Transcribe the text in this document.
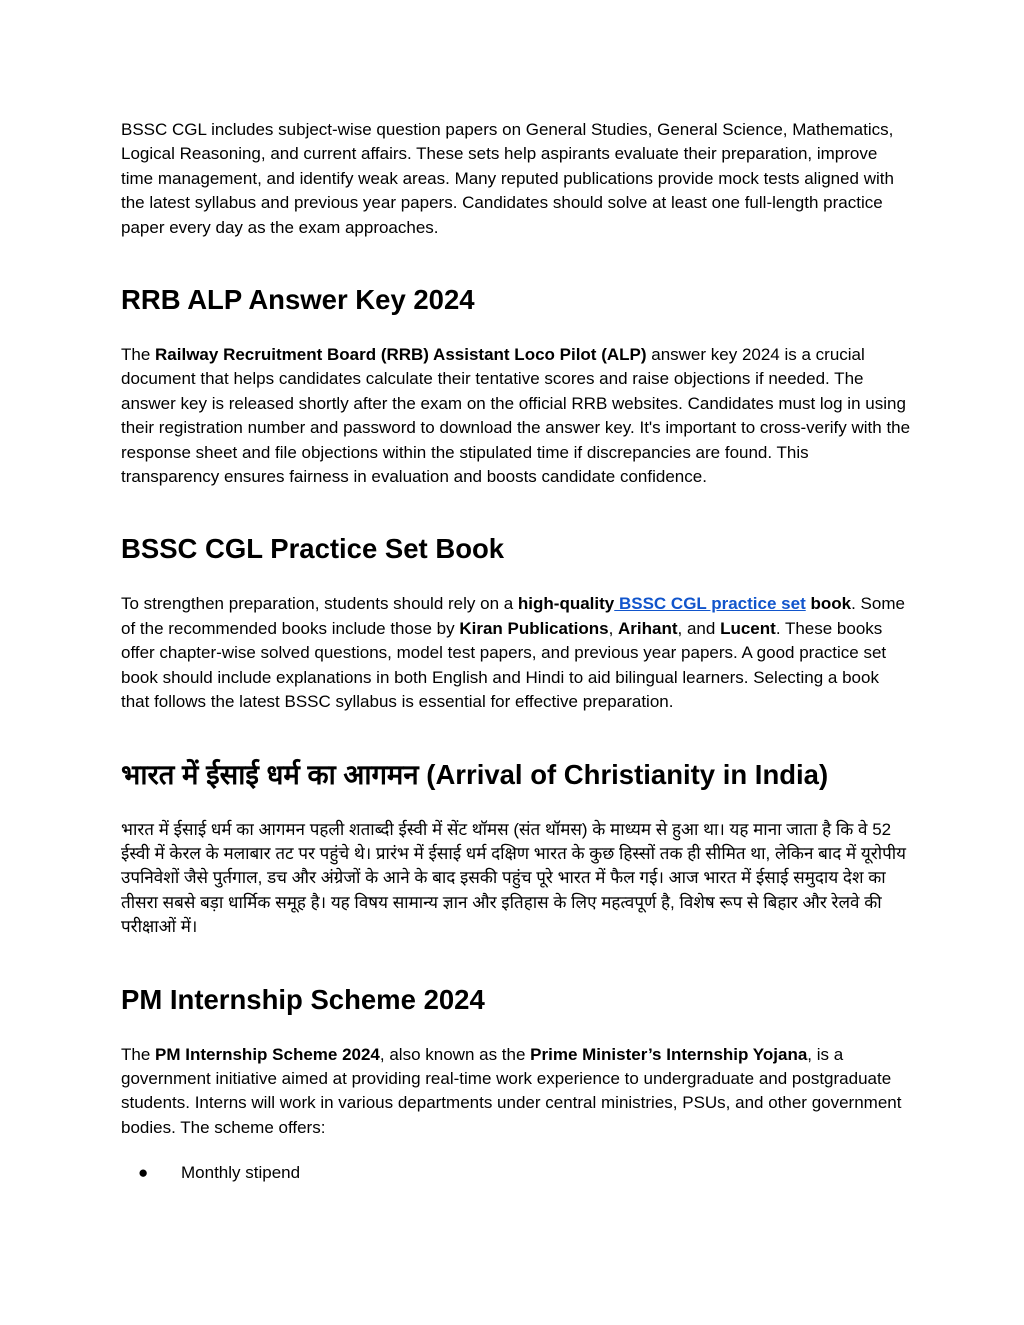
BSSC CGL includes subject-wise question papers on General Studies, General Science, Mathematics, Logical Reasoning, and current affairs. These sets help aspirants evaluate their preparation, improve time management, and identify weak areas. Many reputed publications provide mock tests aligned with the latest syllabus and previous year papers. Candidates should solve at least one full-length practice paper every day as the exam approaches.

RRB ALP Answer Key 2024

The Railway Recruitment Board (RRB) Assistant Loco Pilot (ALP) answer key 2024 is a crucial document that helps candidates calculate their tentative scores and raise objections if needed. The answer key is released shortly after the exam on the official RRB websites. Candidates must log in using their registration number and password to download the answer key. It's important to cross-verify with the response sheet and file objections within the stipulated time if discrepancies are found. This transparency ensures fairness in evaluation and boosts candidate confidence.

BSSC CGL Practice Set Book

To strengthen preparation, students should rely on a high-quality BSSC CGL practice set book. Some of the recommended books include those by Kiran Publications, Arihant, and Lucent. These books offer chapter-wise solved questions, model test papers, and previous year papers. A good practice set book should include explanations in both English and Hindi to aid bilingual learners. Selecting a book that follows the latest BSSC syllabus is essential for effective preparation.

भारत में ईसाई धर्म का आगमन (Arrival of Christianity in India)

भारत में ईसाई धर्म का आगमन पहली शताब्दी ईस्वी में सेंट थॉमस (संत थॉमस) के माध्यम से हुआ था। यह माना जाता है कि वे 52 ईस्वी में केरल के मलाबार तट पर पहुंचे थे। प्रारंभ में ईसाई धर्म दक्षिण भारत के कुछ हिस्सों तक ही सीमित था, लेकिन बाद में यूरोपीय उपनिवेशों जैसे पुर्तगाल, डच और अंग्रेजों के आने के बाद इसकी पहुंच पूरे भारत में फैल गई। आज भारत में ईसाई समुदाय देश का तीसरा सबसे बड़ा धार्मिक समूह है। यह विषय सामान्य ज्ञान और इतिहास के लिए महत्वपूर्ण है, विशेष रूप से बिहार और रेलवे की परीक्षाओं में।

PM Internship Scheme 2024

The PM Internship Scheme 2024, also known as the Prime Minister’s Internship Yojana, is a government initiative aimed at providing real-time work experience to undergraduate and postgraduate students. Interns will work in various departments under central ministries, PSUs, and other government bodies. The scheme offers:

● Monthly stipend
